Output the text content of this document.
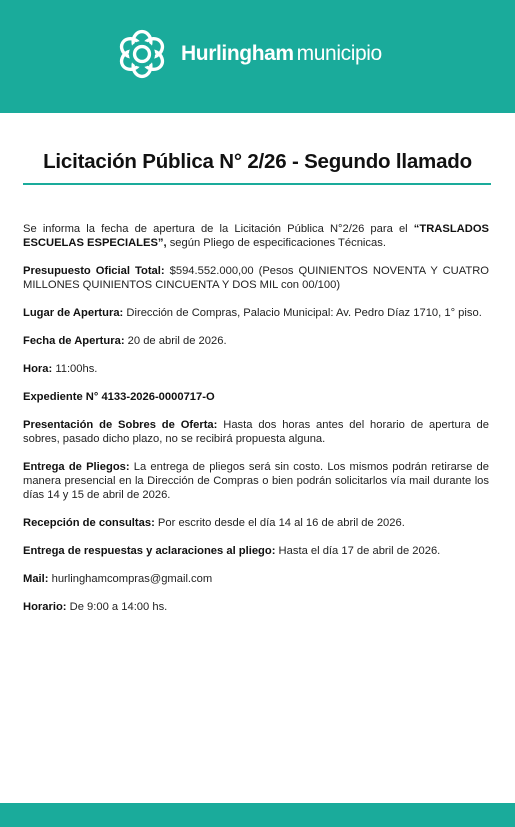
Hurlingham municipio
Licitación Pública N° 2/26 - Segundo llamado

Se informa la fecha de apertura de la Licitación Pública N°2/26 para el “TRASLADOS ESCUELAS ESPECIALES”, según Pliego de especificaciones Técnicas.

Presupuesto Oficial Total: $594.552.000,00 (Pesos QUINIENTOS NOVENTA Y CUATRO MILLONES QUINIENTOS CINCUENTA Y DOS MIL con 00/100)

Lugar de Apertura: Dirección de Compras, Palacio Municipal: Av. Pedro Díaz 1710, 1° piso.

Fecha de Apertura: 20 de abril de 2026.

Hora: 11:00hs.

Expediente N° 4133-2026-0000717-O

Presentación de Sobres de Oferta: Hasta dos horas antes del horario de apertura de sobres, pasado dicho plazo, no se recibirá propuesta alguna.

Entrega de Pliegos: La entrega de pliegos será sin costo. Los mismos podrán retirarse de manera presencial en la Dirección de Compras o bien podrán solicitarlos vía mail durante los días 14 y 15 de abril de 2026.

Recepción de consultas: Por escrito desde el día 14 al 16 de abril de 2026.

Entrega de respuestas y aclaraciones al pliego: Hasta el día 17 de abril de 2026.

Mail: hurlinghamcompras@gmail.com

Horario: De 9:00 a 14:00 hs.
